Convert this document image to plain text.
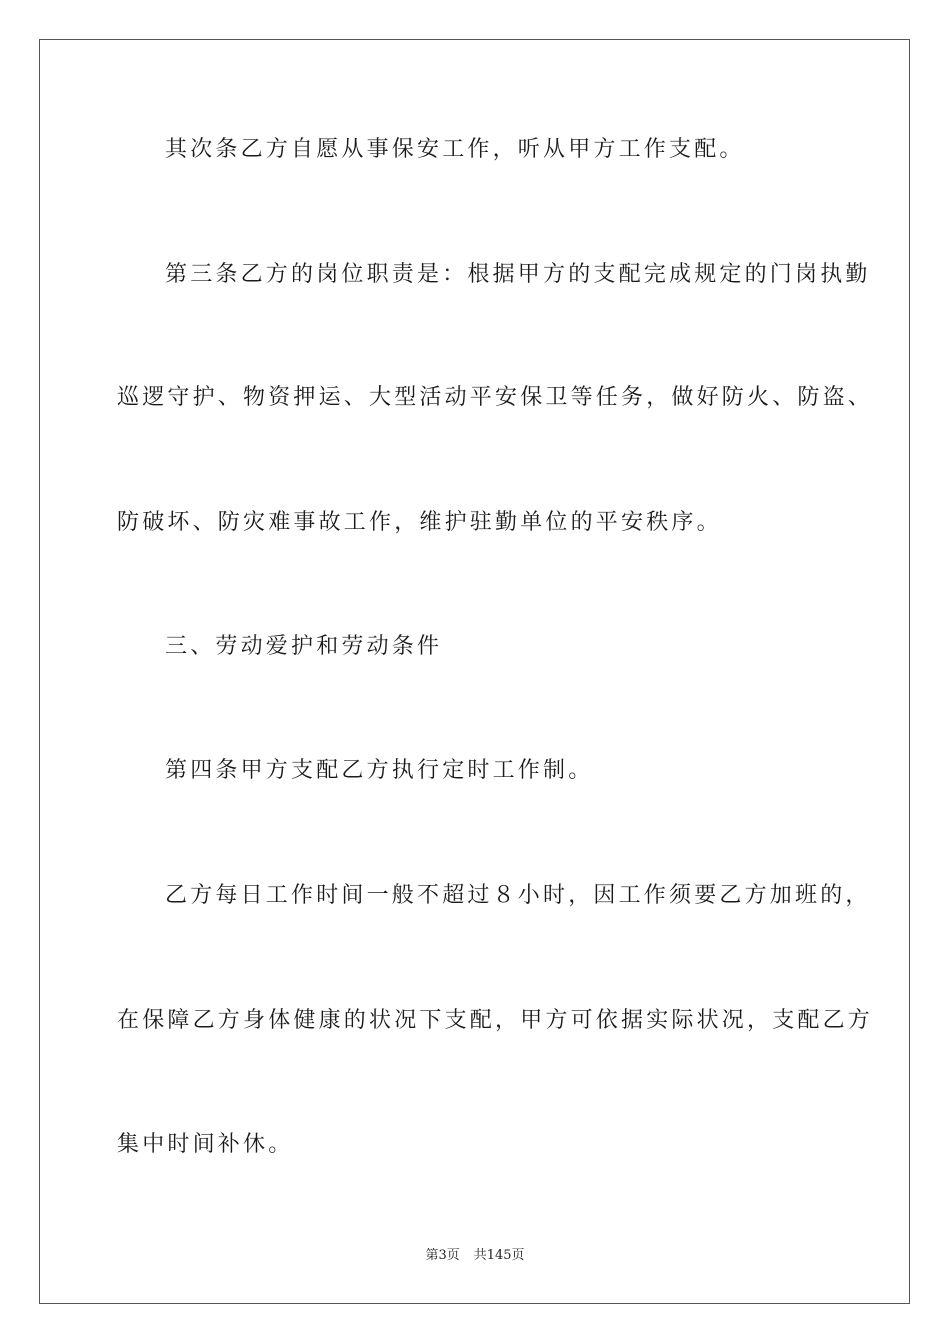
其次条乙方自愿从事保安工作，听从甲方工作支配。
第三条乙方的岗位职责是：根据甲方的支配完成规定的门岗执勤
巡逻守护、物资押运、大型活动平安保卫等任务，做好防火、防盗、
防破坏、防灾难事故工作，维护驻勤单位的平安秩序。
三、劳动爱护和劳动条件
第四条甲方支配乙方执行定时工作制。
乙方每日工作时间一般不超过８小时，因工作须要乙方加班的，
在保障乙方身体健康的状况下支配，甲方可依据实际状况，支配乙方
集中时间补休。
第3页 共145页
